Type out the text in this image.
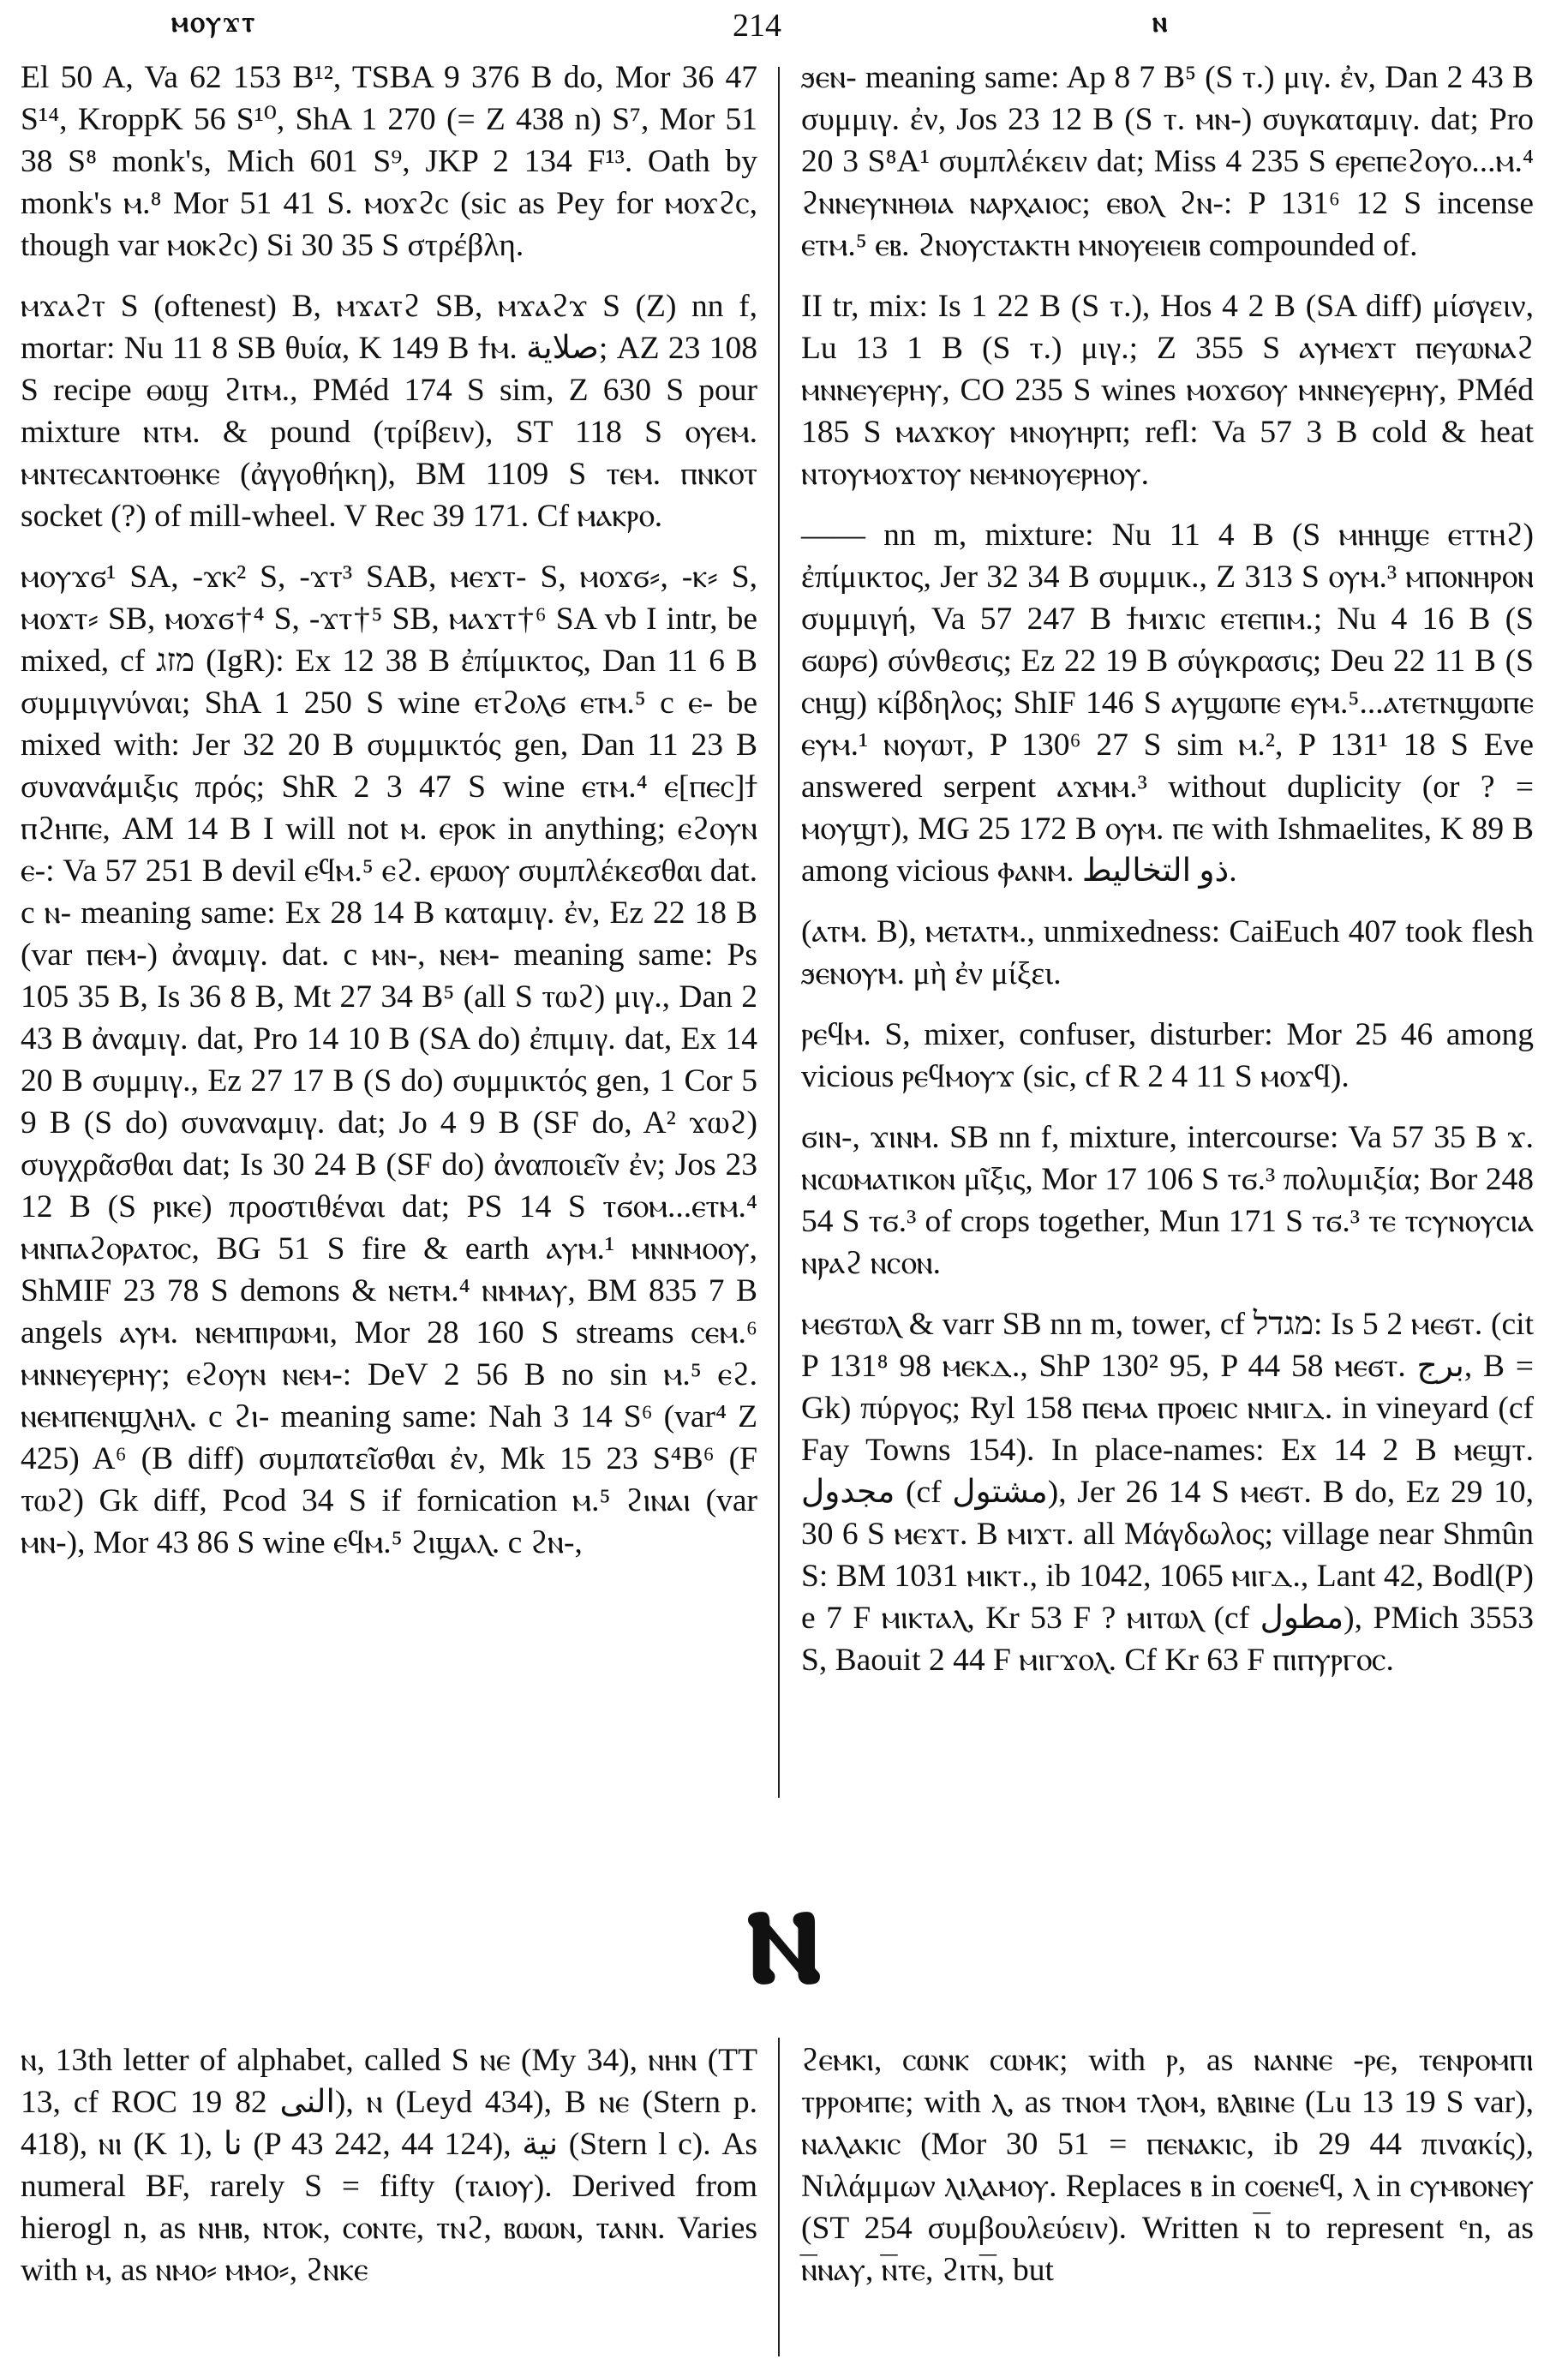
ⲙⲟⲩϫⲧ	214	ⲛ

El 50 A, Va 62 153 B¹², TSBA 9 376 B do, Mor 36 47 S¹⁴, KroppK 56 S¹⁰, ShA 1 270 (= Z 438 n) S⁷, Mor 51 38 S⁸ monk's, Mich 601 S⁹, JKP 2 134 F¹³. Oath by monk's ⲙ.⁸ Mor 51 41 S. ⲙⲟϫϩⲥ (sic as Pey for ⲙⲟϫϩⲥ, though var ⲙⲟⲕϩⲥ) Si 30 35 S στρέβλη.

ⲙϫⲁϩⲧ S (oftenest) B, ⲙϫⲁⲧϩ SB, ⲙϫⲁϩϫ S (Z) nn f, mortar: Nu 11 8 SB θυία, K 149 B ϯⲙ. ﺻﻼﻳﺔ; AZ 23 108 S recipe ⲑⲱϣ ϩⲓⲧⲙ., PMéd 174 S sim, Z 630 S pour mixture ⲛⲧⲙ. & pound (τρίβειν), ST 118 S ⲟⲩⲉⲙ. ⲙⲛⲧⲉⲥⲁⲛⲧⲟⲑⲏⲕⲉ (ἀγγοθήκη), BM 1109 S ⲧⲉⲙ. ⲡⲛⲕⲟⲧ socket (?) of mill-wheel. V Rec 39 171. Cf ⲙⲁⲕⲣⲟ.

ⲙⲟⲩϫϭ¹ SA, -ϫⲕ² S, -ϫⲧ³ SAB, ⲙⲉϫⲧ- S, ⲙⲟϫϭ⸗, -ⲕ⸗ S, ⲙⲟϫⲧ⸗ SB, ⲙⲟϫϭ†⁴ S, -ϫⲧ†⁵ SB, ⲙⲁϫⲧ†⁶ SA vb I intr, be mixed, cf מזג (IgR): Ex 12 38 B ἐπίμικτος, Dan 11 6 B συμμιγνύναι; ShA 1 250 S wine ⲉⲧϩⲟⲗϭ ⲉⲧⲙ.⁵ c ⲉ- be mixed with: Jer 32 20 B συμμικτός gen, Dan 11 23 B συνανάμιξις πρός; ShR 2 3 47 S wine ⲉⲧⲙ.⁴ ⲉ[ⲡⲉⲥ]ϯ ⲡϩⲏⲡⲉ, AM 14 B I will not ⲙ. ⲉⲣⲟⲕ in anything; ⲉϩⲟⲩⲛ ⲉ-: Va 57 251 B devil ⲉϥⲙ.⁵ ⲉϩ. ⲉⲣⲱⲟⲩ συμπλέκεσθαι dat. c ⲛ- meaning same: Ex 28 14 B καταμιγ. ἐν, Ez 22 18 B (var ⲡⲉⲙ-) ἀναμιγ. dat. c ⲙⲛ-, ⲛⲉⲙ- meaning same: Ps 105 35 B, Is 36 8 B, Mt 27 34 B⁵ (all S ⲧⲱϩ) μιγ., Dan 2 43 B ἀναμιγ. dat, Pro 14 10 B (SA do) ἐπιμιγ. dat, Ex 14 20 B συμμιγ., Ez 27 17 B (S do) συμμικτός gen, 1 Cor 5 9 B (S do) συναναμιγ. dat; Jo 4 9 B (SF do, A² ϫⲱϩ) συγχρᾶσθαι dat; Is 30 24 B (SF do) ἀναποιεῖν ἐν; Jos 23 12 B (S ⲣⲓⲕⲉ) προστιθέναι dat; PS 14 S ⲧϭⲟⲙ...ⲉⲧⲙ.⁴ ⲙⲛⲡⲁϩⲟⲣⲁⲧⲟⲥ, BG 51 S fire & earth ⲁⲩⲙ.¹ ⲙⲛⲛⲙⲟⲟⲩ, ShMIF 23 78 S demons & ⲛⲉⲧⲙ.⁴ ⲛⲙⲙⲁⲩ, BM 835 7 B angels ⲁⲩⲙ. ⲛⲉⲙⲡⲓⲣⲱⲙⲓ, Mor 28 160 S streams ⲥⲉⲙ.⁶ ⲙⲛⲛⲉⲩⲉⲣⲏⲩ; ⲉϩⲟⲩⲛ ⲛⲉⲙ-: DeV 2 56 B no sin ⲙ.⁵ ⲉϩ. ⲛⲉⲙⲡⲉⲛϣⲗⲏⲗ. c ϩⲓ- meaning same: Nah 3 14 S⁶ (var⁴ Z 425) A⁶ (B diff) συμπατεῖσθαι ἐν, Mk 15 23 S⁴B⁶ (F ⲧⲱϩ) Gk diff, Pcod 34 S if fornication ⲙ.⁵ ϩⲓⲛⲁⲓ (var ⲙⲛ-), Mor 43 86 S wine ⲉϥⲙ.⁵ ϩⲓϣⲁⲗ. c ϩⲛ-,

ϧⲉⲛ- meaning same: Ap 8 7 B⁵ (S ⲧ.) μιγ. ἐν, Dan 2 43 B συμμιγ. ἐν, Jos 23 12 B (S ⲧ. ⲙⲛ-) συγκαταμιγ. dat; Pro 20 3 S⁸A¹ συμπλέκειν dat; Miss 4 235 S ⲉⲣⲉⲡⲉϩⲟⲩⲟ...ⲙ.⁴ ϩⲛⲛⲉⲩⲛⲏⲑⲓⲁ ⲛⲁⲣⲭⲁⲓⲟⲥ; ⲉⲃⲟⲗ ϩⲛ-: P 131⁶ 12 S incense ⲉⲧⲙ.⁵ ⲉⲃ. ϩⲛⲟⲩⲥⲧⲁⲕⲧⲏ ⲙⲛⲟⲩⲉⲓⲉⲓⲃ compounded of.

II tr, mix: Is 1 22 B (S ⲧ.), Hos 4 2 B (SA diff) μίσγειν, Lu 13 1 B (S ⲧ.) μιγ.; Z 355 S ⲁⲩⲙⲉϫⲧ ⲡⲉⲩⲱⲛⲁϩ ⲙⲛⲛⲉⲩⲉⲣⲏⲩ, CO 235 S wines ⲙⲟϫϭⲟⲩ ⲙⲛⲛⲉⲩⲉⲣⲏⲩ, PMéd 185 S ⲙⲁϫⲕⲟⲩ ⲙⲛⲟⲩⲏⲣⲡ; refl: Va 57 3 B cold & heat ⲛⲧⲟⲩⲙⲟϫⲧⲟⲩ ⲛⲉⲙⲛⲟⲩⲉⲣⲏⲟⲩ.

—— nn m, mixture: Nu 11 4 B (S ⲙⲏⲏϣⲉ ⲉⲧⲧⲏϩ) ἐπίμικτος, Jer 32 34 B συμμικ., Z 313 S ⲟⲩⲙ.³ ⲙⲡⲟⲛⲏⲣⲟⲛ συμμιγή, Va 57 247 B ϯⲙⲓϫⲓⲥ ⲉⲧⲉⲡⲓⲙ.; Nu 4 16 B (S ϭⲱⲣϭ) σύνθεσις; Ez 22 19 B σύγκρασις; Deu 22 11 B (S ⲥⲏϣ) κίβδηλος; ShIF 146 S ⲁⲩϣⲱⲡⲉ ⲉⲩⲙ.⁵...ⲁⲧⲉⲧⲛϣⲱⲡⲉ ⲉⲩⲙ.¹ ⲛⲟⲩⲱⲧ, P 130⁶ 27 S sim ⲙ.², P 131¹ 18 S Eve answered serpent ⲁϫⲙⲙ.³ without duplicity (or ? = ⲙⲟⲩϣⲧ), MG 25 172 B ⲟⲩⲙ. ⲡⲉ with Ishmaelites, K 89 B among vicious ⲫⲁⲛⲙ. ذو التخاليط.

(ⲁⲧⲙ. B), ⲙⲉⲧⲁⲧⲙ., unmixedness: CaiEuch 407 took flesh ϧⲉⲛⲟⲩⲙ. μὴ ἐν μίξει.

ⲣⲉϥⲙ. S, mixer, confuser, disturber: Mor 25 46 among vicious ⲣⲉϥⲙⲟⲩϫ (sic, cf R 2 4 11 S ⲙⲟϫϥ).

ϭⲓⲛ-, ϫⲓⲛⲙ. SB nn f, mixture, intercourse: Va 57 35 B ϫ. ⲛⲥⲱⲙⲁⲧⲓⲕⲟⲛ μῖξις, Mor 17 106 S ⲧϭ.³ πολυμιξία; Bor 248 54 S ⲧϭ.³ of crops together, Mun 171 S ⲧϭ.³ ⲧⲉ ⲧⲥⲩⲛⲟⲩⲥⲓⲁ ⲛⲣⲁϩ ⲛⲥⲟⲛ.

ⲙⲉϭⲧⲱⲗ & varr SB nn m, tower, cf מגדל: Is 5 2 ⲙⲉϭⲧ. (cit P 131⁸ 98 ⲙⲉⲕⲇ., ShP 130² 95, P 44 58 ⲙⲉϭⲧ. برج, B = Gk) πύργος; Ryl 158 ⲡⲉⲙⲁ ⲡⲣⲟⲉⲓⲥ ⲛⲙⲓⲅⲇ. in vineyard (cf Fay Towns 154). In place-names: Ex 14 2 B ⲙⲉϣⲧ. مجدول (cf مشتول), Jer 26 14 S ⲙⲉϭⲧ. B do, Ez 29 10, 30 6 S ⲙⲉϫⲧ. B ⲙⲓϫⲧ. all Μάγδωλος; village near Shmûn S: BM 1031 ⲙⲓⲕⲧ., ib 1042, 1065 ⲙⲓⲅⲇ., Lant 42, Bodl(P) e 7 F ⲙⲓⲕⲧⲁⲗ, Kr 53 F ? ⲙⲓⲧⲱⲗ (cf مطول), PMich 3553 S, Baouit 2 44 F ⲙⲓⲅϫⲟⲗ. Cf Kr 63 F ⲡⲓⲡⲩⲣⲅⲟⲥ.

ⲛ

ⲛ, 13th letter of alphabet, called S ⲛⲉ (My 34), ⲛⲏⲛ (TT 13, cf ROC 19 82 النى), ⲛ (Leyd 434), B ⲛⲉ (Stern p. 418), ⲛⲓ (K 1), نا (P 43 242, 44 124), نية (Stern l c). As numeral BF, rarely S = fifty (ⲧⲁⲓⲟⲩ). Derived from hierogl n, as ⲛⲏⲃ, ⲛⲧⲟⲕ, ⲥⲟⲛⲧⲉ, ⲧⲛϩ, ⲃⲱⲱⲛ, ⲧⲁⲛⲛ. Varies with ⲙ, as ⲛⲙⲟ⸗ ⲙⲙⲟ⸗, ϩⲛⲕⲉ

ϩⲉⲙⲕⲓ, ⲥⲱⲛⲕ ⲥⲱⲙⲕ; with ⲣ, as ⲛⲁⲛⲛⲉ -ⲣⲉ, ⲧⲉⲛⲣⲟⲙⲡⲓ ⲧⲣⲣⲟⲙⲡⲉ; with ⲗ, as ⲧⲛⲟⲙ ⲧⲗⲟⲙ, ⲃⲗⲃⲓⲛⲉ (Lu 13 19 S var), ⲛⲁⲗⲁⲕⲓⲥ (Mor 30 51 = ⲡⲉⲛⲁⲕⲓⲥ, ib 29 44 πινακίς), Νιλάμμων ⲗⲓⲗⲁⲙⲟⲩ. Replaces ⲃ in ⲥⲟⲉⲛⲉϥ, ⲗ in ⲥⲩⲙⲃⲟⲛⲉⲩ (ST 254 συμβουλεύειν). Written ⲛ̅ to represent ᵉn, as ⲛ̅ⲛⲁⲩ, ⲛ̅ⲧⲉ, ϩⲓⲧⲛ̅, but
